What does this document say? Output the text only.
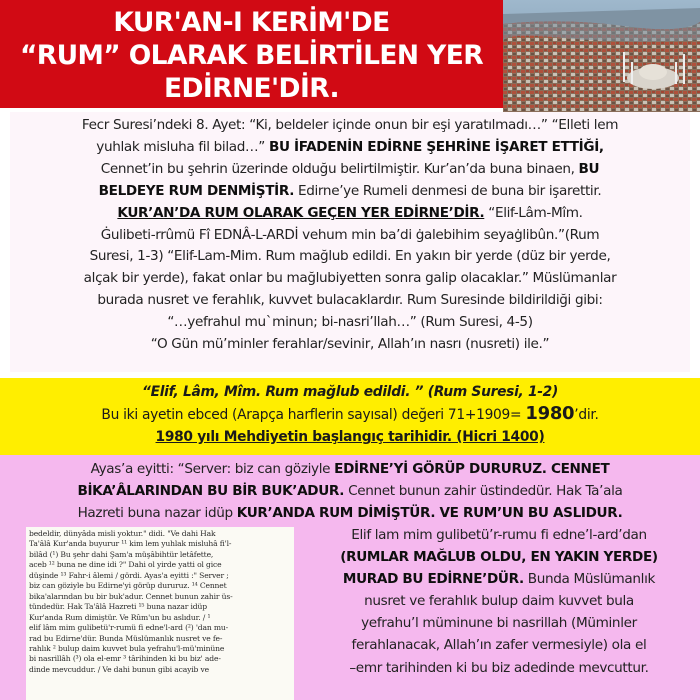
KUR'AN-I KERİM'DE
“RUM” OLARAK BELİRTİLEN YER
EDİRNE'DİR.
Fecr Suresi’ndeki 8. Ayet: “Ki, beldeler içinde onun bir eşi yaratılmadı…” “Elleti lem
yuhlak misluha fil bilad…” BU İFADENİN EDİRNE ŞEHRİNE İŞARET ETTİĞİ,
Cennet’in bu şehrin üzerinde olduğu belirtilmiştir. Kur’an’da buna binaen, BU
BELDEYE RUM DENMİŞTİR. Edirne’ye Rumeli denmesi de buna bir işarettir.
KUR’AN’DA RUM OLARAK GEÇEN YER EDİRNE’DİR. “Elif-Lâm-Mîm.
Ġulibeti-rrûmü Fî EDNÂ-L-ARDİ vehum min ba’di ġalebihim seyaġlibûn.”(Rum
Suresi, 1-3) “Elif-Lam-Mim. Rum mağlub edildi. En yakın bir yerde (düz bir yerde,
alçak bir yerde), fakat onlar bu mağlubiyetten sonra galip olacaklar.” Müslümanlar
burada nusret ve ferahlık, kuvvet bulacaklardır. Rum Suresinde bildirildiği gibi:
“…yefrahul mu`minun; bi-nasri’llah…” (Rum Suresi, 4-5)
“O Gün mü’minler ferahlar/sevinir, Allah’ın nasrı (nusreti) ile.”
“Elif, Lâm, Mîm. Rum mağlub edildi. ” (Rum Suresi, 1-2)
Bu iki ayetin ebced (Arapça harflerin sayısal) değeri 71+1909= 1980’dir.
1980 yılı Mehdiyetin başlangıç tarihidir. (Hicri 1400)
Ayas’a eyitti: “Server: biz can göziyle EDİRNE’Yİ GÖRÜP DURURUZ. CENNET
BİKA’ÂLARINDAN BU BİR BUK’ADUR. Cennet bunun zahir üstindedür. Hak Ta’ala
Hazreti buna nazar idüp KUR’ANDA RUM DİMİŞTÜR. VE RUM’UN BU ASLIDUR.
bedeldir, dünyâda misli yoktur." didi. "Ve dahi Hak
Ta'âlâ Kur'anda buyurur ¹¹ kim lem yuhlak misluhâ fi'l-
bilâd (¹) Bu şehr dahi Şam'a müşâbihtür letâfette,
aceb ¹² buna ne dine idi ?" Dahi ol yirde yatti ol gice
düşinde ¹³ Fahr-i âlemi / gördi. Ayas'a eyitti :" Server ;
biz can göziyle bu Edirne'yi görüp dururuz. ¹⁴ Cennet
bika'alarından bu bir buk'adur. Cennet bunun zahir üs-
tündedür. Hak Ta'âlâ Hazreti ¹⁵ buna nazar idüp
Kur'anda Rum dimiştür. Ve Rûm'un bu aslıdur. / ¹
elif lâm mim gulibetü'r-rumü fi edne'l-ard (²) 'dan mu-
rad bu Edirne'dür. Bunda Müslümanlık nusret ve fe-
rahlık ² bulup daim kuvvet bula yefrahu'l-mü'minüne
bi nasrillâh (³) ola el-emr ³ târihinden ki bu biz' ade-
dinde mevcuddur. / Ve dahi bunun gibi acayib ve
Elif lam mim gulibetü’r-rumu fi edne’l-ard’dan
(RUMLAR MAĞLUB OLDU, EN YAKIN YERDE)
MURAD BU EDİRNE’DÜR. Bunda Müslümanlık
nusret ve ferahlık bulup daim kuvvet bula
yefrahu’l müminune bi nasrillah (Müminler
ferahlanacak, Allah’ın zafer vermesiyle) ola el
–emr tarihinden ki bu biz adedinde mevcuttur.
